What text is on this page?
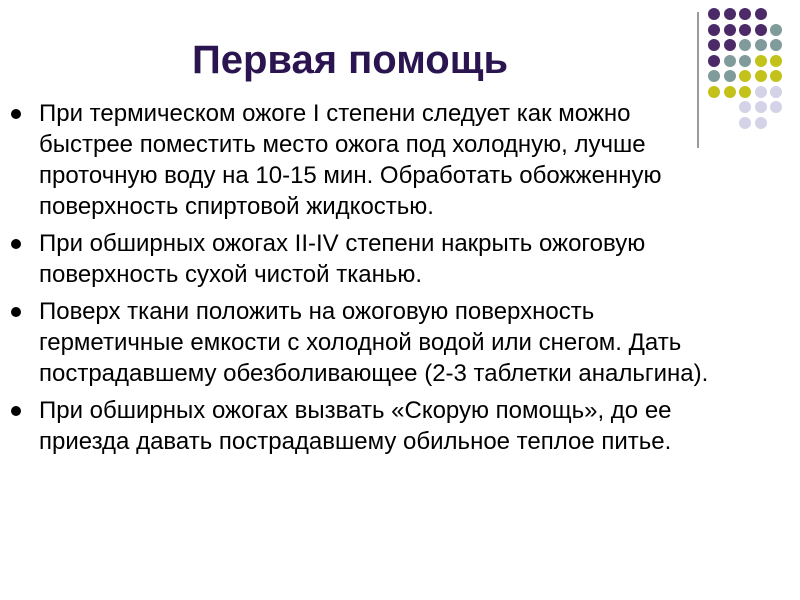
Первая помощь
При термическом ожоге I степени следует как можно быстрее поместить место ожога под холодную, лучше проточную воду на 10-15 мин. Обработать обожженную поверхность спиртовой жидкостью.
При обширных ожогах II-IV степени накрыть ожоговую поверхность сухой чистой тканью.
Поверх ткани положить на ожоговую поверхность герметичные емкости с холодной водой или снегом. Дать пострадавшему обезболивающее (2-3 таблетки анальгина).
При обширных ожогах вызвать «Скорую помощь», до ее приезда давать пострадавшему обильное теплое питье.
